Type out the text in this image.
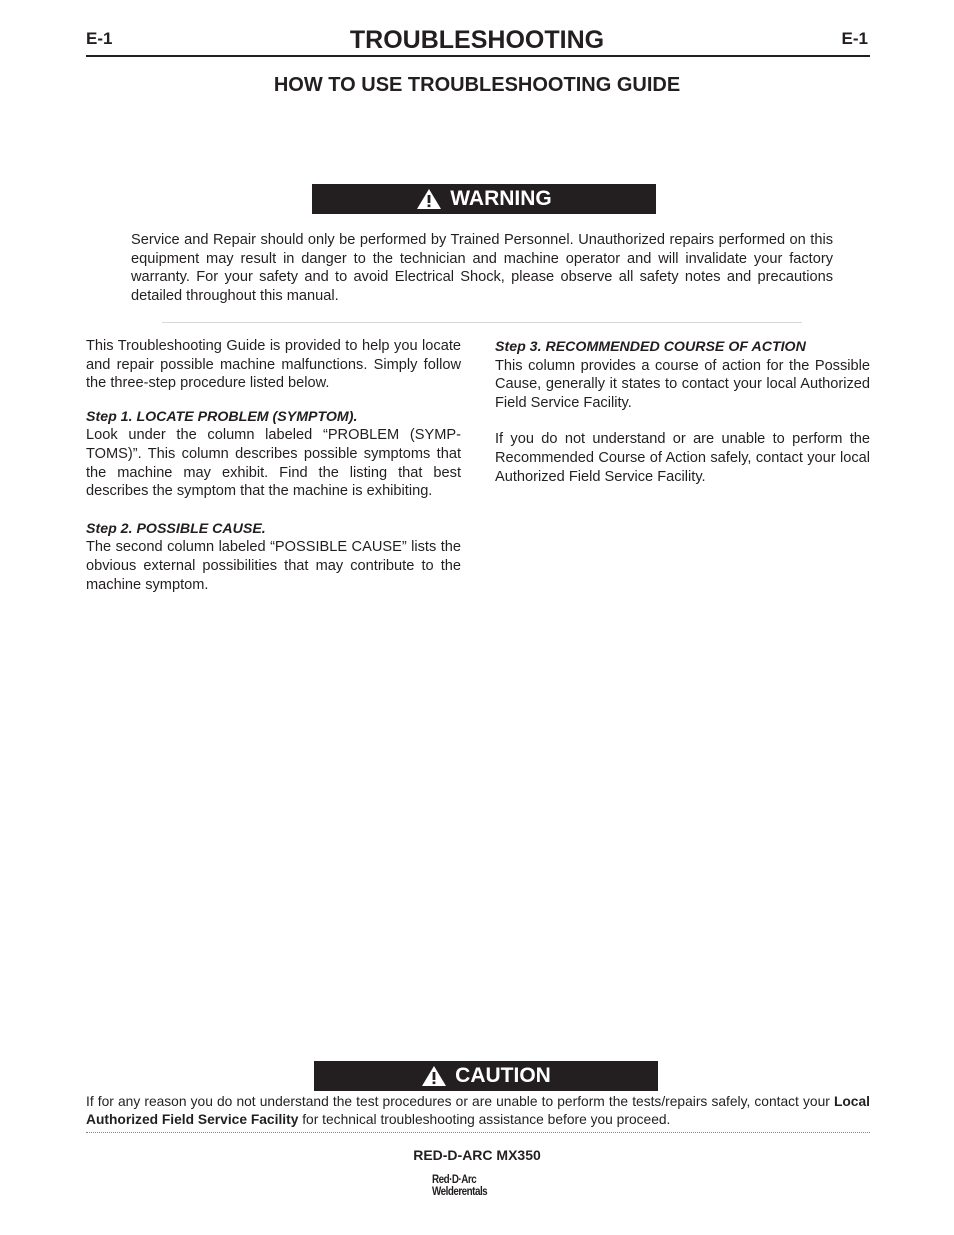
E-1	E-1
TROUBLESHOOTING
HOW TO USE TROUBLESHOOTING GUIDE
WARNING
Service and Repair should only be performed by Trained Personnel. Unauthorized repairs performed on this equipment may result in danger to the technician and machine operator and will invalidate your factory warranty. For your safety and to avoid Electrical Shock, please observe all safety notes and precautions detailed throughout this manual.

This Troubleshooting Guide is provided to help you locate and repair possible machine malfunctions. Simply follow the three-step procedure listed below.

Step 1. LOCATE PROBLEM (SYMPTOM).

Look under the column labeled “PROBLEM (SYMP-TOMS)”. This column describes possible symptoms that the machine may exhibit. Find the listing that best describes the symptom that the machine is exhibiting.

Step 2. POSSIBLE CAUSE.

The second column labeled “POSSIBLE CAUSE” lists the obvious external possibilities that may contribute to the machine symptom.

Step 3. RECOMMENDED COURSE OF ACTION

This column provides a course of action for the Possible Cause, generally it states to contact your local Authorized Field Service Facility.

If you do not understand or are unable to perform the Recommended Course of Action safely, contact your local Authorized Field Service Facility.

CAUTION
If for any reason you do not understand the test procedures or are unable to perform the tests/repairs safely, contact your Local Authorized Field Service Facility for technical troubleshooting assistance before you proceed.
RED-D-ARC MX350
Red·D·Arc
Welderentals
